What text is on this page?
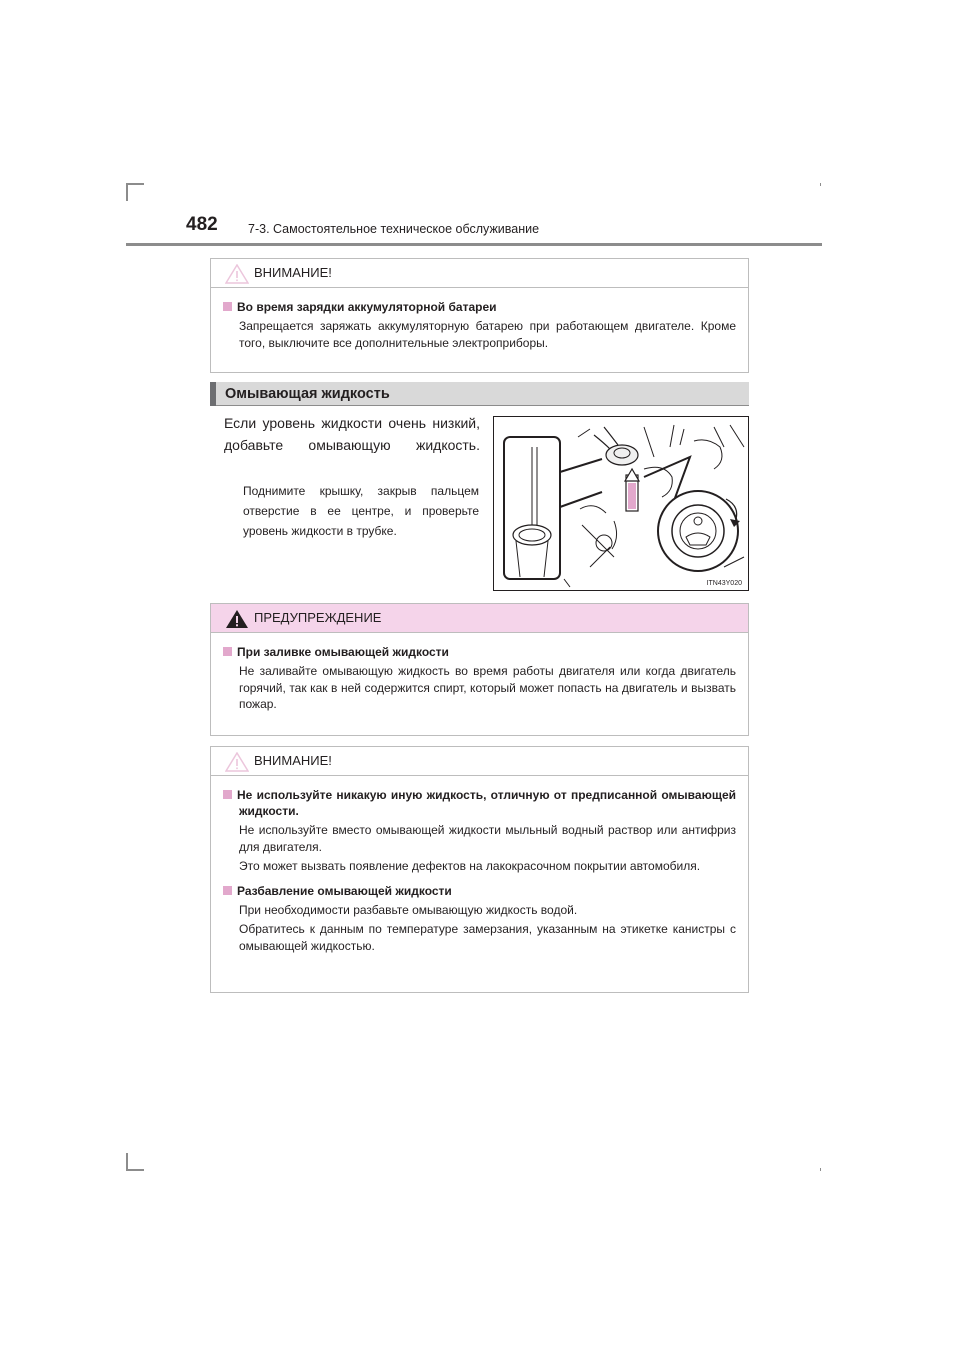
482 7-3. Самостоятельное техническое обслуживание
ВНИМАНИЕ!
Во время зарядки аккумуляторной батареи

Запрещается заряжать аккумуляторную батарею при работающем двигателе. Кроме того, выключите все дополнительные электроприборы.

Омывающая жидкость
Если уровень жидкости очень низкий, добавьте омывающую жидкость.
Поднимите крышку, закрыв пальцем отверстие в ее центре, и проверьте уровень жидкости в трубке.
ITN43Y020
ПРЕДУПРЕЖДЕНИЕ
При заливке омывающей жидкости

Не заливайте омывающую жидкость во время работы двигателя или когда двигатель горячий, так как в ней содержится спирт, который может попасть на двигатель и вызвать пожар.

ВНИМАНИЕ!
Не используйте никакую иную жидкость, отличную от предписанной омывающей жидкости.

Не используйте вместо омывающей жидкости мыльный водный раствор или антифриз для двигателя.

Это может вызвать появление дефектов на лакокрасочном покрытии автомобиля.

Разбавление омывающей жидкости

При необходимости разбавьте омывающую жидкость водой.

Обратитесь к данным по температуре замерзания, указанным на этикетке канистры с омывающей жидкостью.
